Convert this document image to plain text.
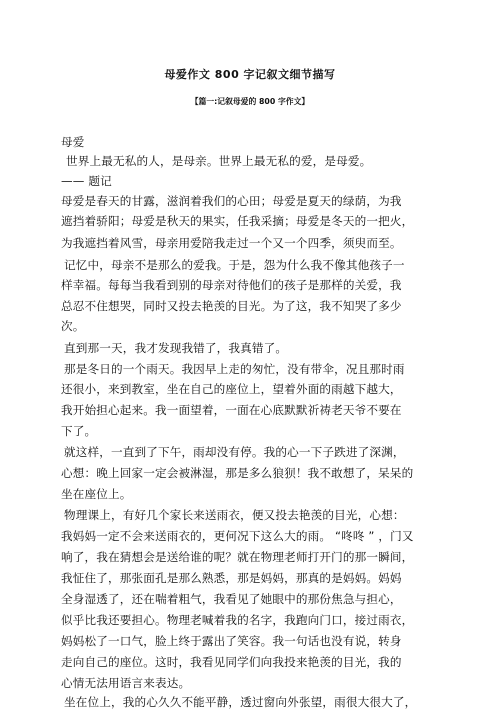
母爱作文 800 字记叙文细节描写
【篇一:记叙母爱的 800 字作文】
母爱
世界上最无私的人，是母亲。世界上最无私的爱，是母爱。
—— 题记
母爱是春天的甘露，滋润着我们的心田；母爱是夏天的绿荫，为我
遮挡着骄阳；母爱是秋天的果实，任我采摘；母爱是冬天的一把火，
为我遮挡着风雪，母亲用爱陪我走过一个又一个四季，须臾而至。
记忆中，母亲不是那么的爱我。于是，怨为什么我不像其他孩子一
样幸福。每每当我看到别的母亲对待他们的孩子是那样的关爱，我
总忍不住想哭，同时又投去艳羡的目光。为了这，我不知哭了多少
次。
直到那一天，我才发现我错了，我真错了。
那是冬日的一个雨天。我因早上走的匆忙，没有带伞，况且那时雨
还很小，来到教室，坐在自己的座位上，望着外面的雨越下越大，
我开始担心起来。我一面望着，一面在心底默默祈祷老天爷不要在
下了。
就这样，一直到了下午，雨却没有停。我的心一下子跌进了深渊，
心想：晚上回家一定会被淋湿，那是多么狼狈！我不敢想了，呆呆的
坐在座位上。
物理课上，有好几个家长来送雨衣，便又投去艳羡的目光，心想：
我妈妈一定不会来送雨衣的，更何况下这么大的雨。 “咚咚 ” ，门又
响了，我在猜想会是送给谁的呢？就在物理老师打开门的那一瞬间，
我怔住了，那张面孔是那么熟悉，那是妈妈，那真的是妈妈。妈妈
全身湿透了，还在喘着粗气，我看见了她眼中的那份焦急与担心，
似乎比我还要担心。物理老喊着我的名字，我跑向门口，接过雨衣，
妈妈松了一口气，脸上终于露出了笑容。我一句话也没有说，转身
走向自己的座位。这时，我看见同学们向我投来艳羡的目光，我的
心情无法用语言来表达。
坐在位上，我的心久久不能平静，透过窗向外张望，雨很大很大了，
